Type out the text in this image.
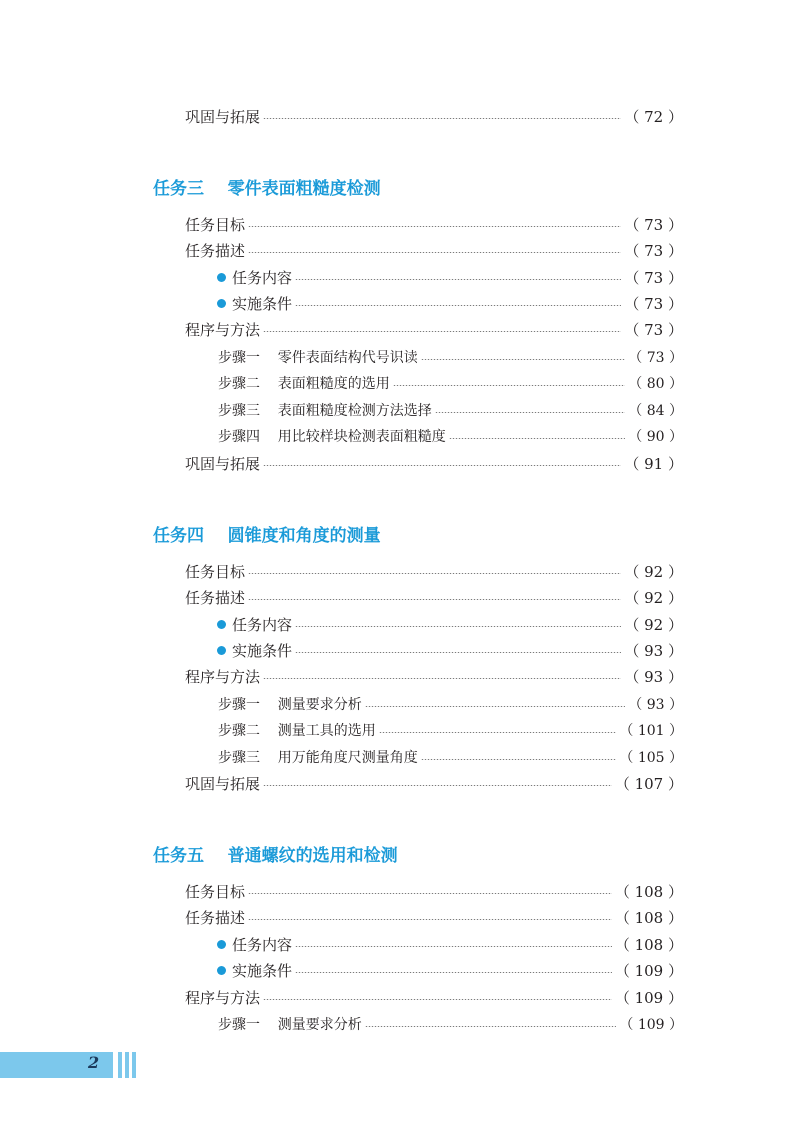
巩固与拓展	（ 72 ）
任务三    零件表面粗糙度检测
任务目标	（ 73 ）
任务描述	（ 73 ）
任务内容	（ 73 ）
实施条件	（ 73 ）
程序与方法	（ 73 ）
步骤一    零件表面结构代号识读	（ 73 ）
步骤二    表面粗糙度的选用	（ 80 ）
步骤三    表面粗糙度检测方法选择	（ 84 ）
步骤四    用比较样块检测表面粗糙度	（ 90 ）
巩固与拓展	（ 91 ）
任务四    圆锥度和角度的测量
任务目标	（ 92 ）
任务描述	（ 92 ）
任务内容	（ 92 ）
实施条件	（ 93 ）
程序与方法	（ 93 ）
步骤一    测量要求分析	（ 93 ）
步骤二    测量工具的选用	（ 101 ）
步骤三    用万能角度尺测量角度	（ 105 ）
巩固与拓展	（ 107 ）
任务五    普通螺纹的选用和检测
任务目标	（ 108 ）
任务描述	（ 108 ）
任务内容	（ 108 ）
实施条件	（ 109 ）
程序与方法	（ 109 ）
步骤一    测量要求分析	（ 109 ）
2
